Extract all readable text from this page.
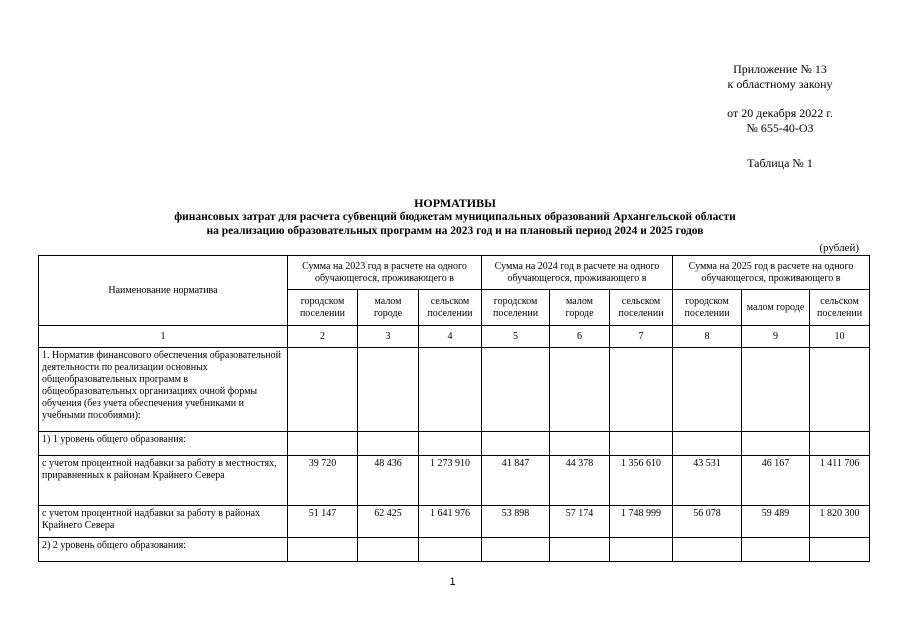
Приложение № 13
к областному закону
от 20 декабря 2022 г.
№ 655-40-ОЗ
Таблица № 1
НОРМАТИВЫ
финансовых затрат для расчета субвенций бюджетам муниципальных образований Архангельской области
на реализацию образовательных программ на 2023 год и на плановый период 2024 и 2025 годов
(рублей)
Наименование норматива	Сумма на 2023 год в расчете на одного обучающегося, проживающего в			Сумма на 2024 год в расчете на одного обучающегося, проживающего в			Сумма на 2025 год в расчете на одного обучающегося, проживающего в		
	городском поселении	малом городе	сельском поселении	городском поселении	малом городе	сельском поселении	городском поселении	малом городе	сельском поселении
1	2	3	4	5	6	7	8	9	10
1. Норматив финансового обеспечения образовательной деятельности по реализации основных общеобразовательных программ в общеобразовательных организациях очной формы обучения (без учета обеспечения учебниками и учебными пособиями):									
1) 1 уровень общего образования:									
с учетом процентной надбавки за работу в местностях, приравненных к районам Крайнего Севера	39 720	48 436	1 273 910	41 847	44 378	1 356 610	43 531	46 167	1 411 706
с учетом процентной надбавки за работу в районах Крайнего Севера	51 147	62 425	1 641 976	53 898	57 174	1 748 999	56 078	59 489	1 820 300
2) 2 уровень общего образования:									
1
